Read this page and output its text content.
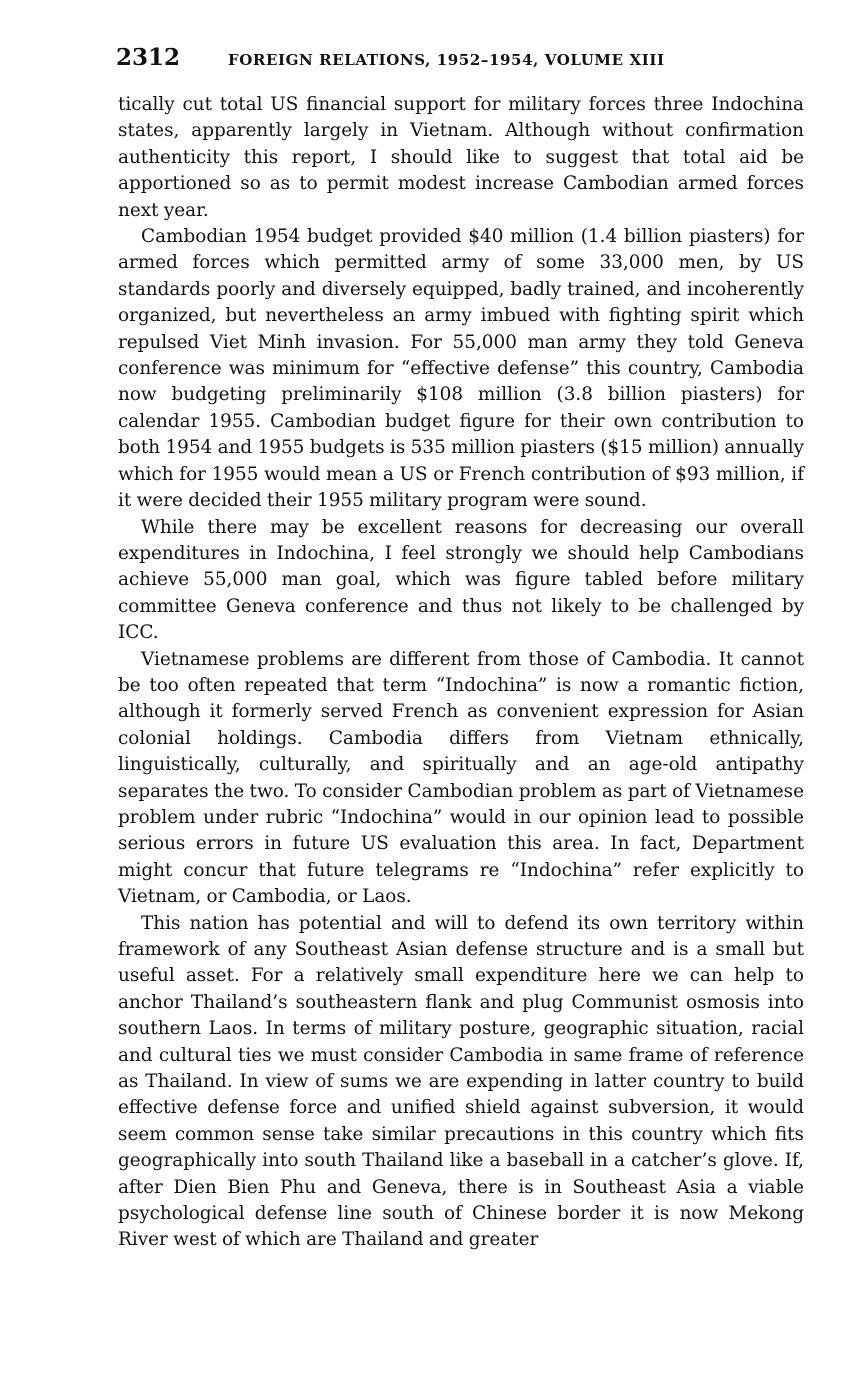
2312	FOREIGN RELATIONS, 1952–1954, VOLUME XIII

tically cut total US financial support for military forces three Indochina states, apparently largely in Vietnam. Although without confirmation authenticity this report, I should like to suggest that total aid be apportioned so as to permit modest increase Cambodian armed forces next year.

Cambodian 1954 budget provided $40 million (1.4 billion piasters) for armed forces which permitted army of some 33,000 men, by US standards poorly and diversely equipped, badly trained, and incoherently organized, but nevertheless an army imbued with fighting spirit which repulsed Viet Minh invasion. For 55,000 man army they told Geneva conference was minimum for “effective defense” this country, Cambodia now budgeting preliminarily $108 million (3.8 billion piasters) for calendar 1955. Cambodian budget figure for their own contribution to both 1954 and 1955 budgets is 535 million piasters ($15 million) annually which for 1955 would mean a US or French contribution of $93 million, if it were decided their 1955 military program were sound.

While there may be excellent reasons for decreasing our overall expenditures in Indochina, I feel strongly we should help Cambodians achieve 55,000 man goal, which was figure tabled before military committee Geneva conference and thus not likely to be challenged by ICC.

Vietnamese problems are different from those of Cambodia. It cannot be too often repeated that term “Indochina” is now a romantic fiction, although it formerly served French as convenient expression for Asian colonial holdings. Cambodia differs from Vietnam ethnically, linguistically, culturally, and spiritually and an age-old antipathy separates the two. To consider Cambodian problem as part of Vietnamese problem under rubric “Indochina” would in our opinion lead to possible serious errors in future US evaluation this area. In fact, Department might concur that future telegrams re “Indochina” refer explicitly to Vietnam, or Cambodia, or Laos.

This nation has potential and will to defend its own territory within framework of any Southeast Asian defense structure and is a small but useful asset. For a relatively small expenditure here we can help to anchor Thailand’s southeastern flank and plug Communist osmosis into southern Laos. In terms of military posture, geographic situation, racial and cultural ties we must consider Cambodia in same frame of reference as Thailand. In view of sums we are expending in latter country to build effective defense force and unified shield against subversion, it would seem common sense take similar precautions in this country which fits geographically into south Thailand like a baseball in a catcher’s glove. If, after Dien Bien Phu and Geneva, there is in Southeast Asia a viable psychological defense line south of Chinese border it is now Mekong River west of which are Thailand and greater
